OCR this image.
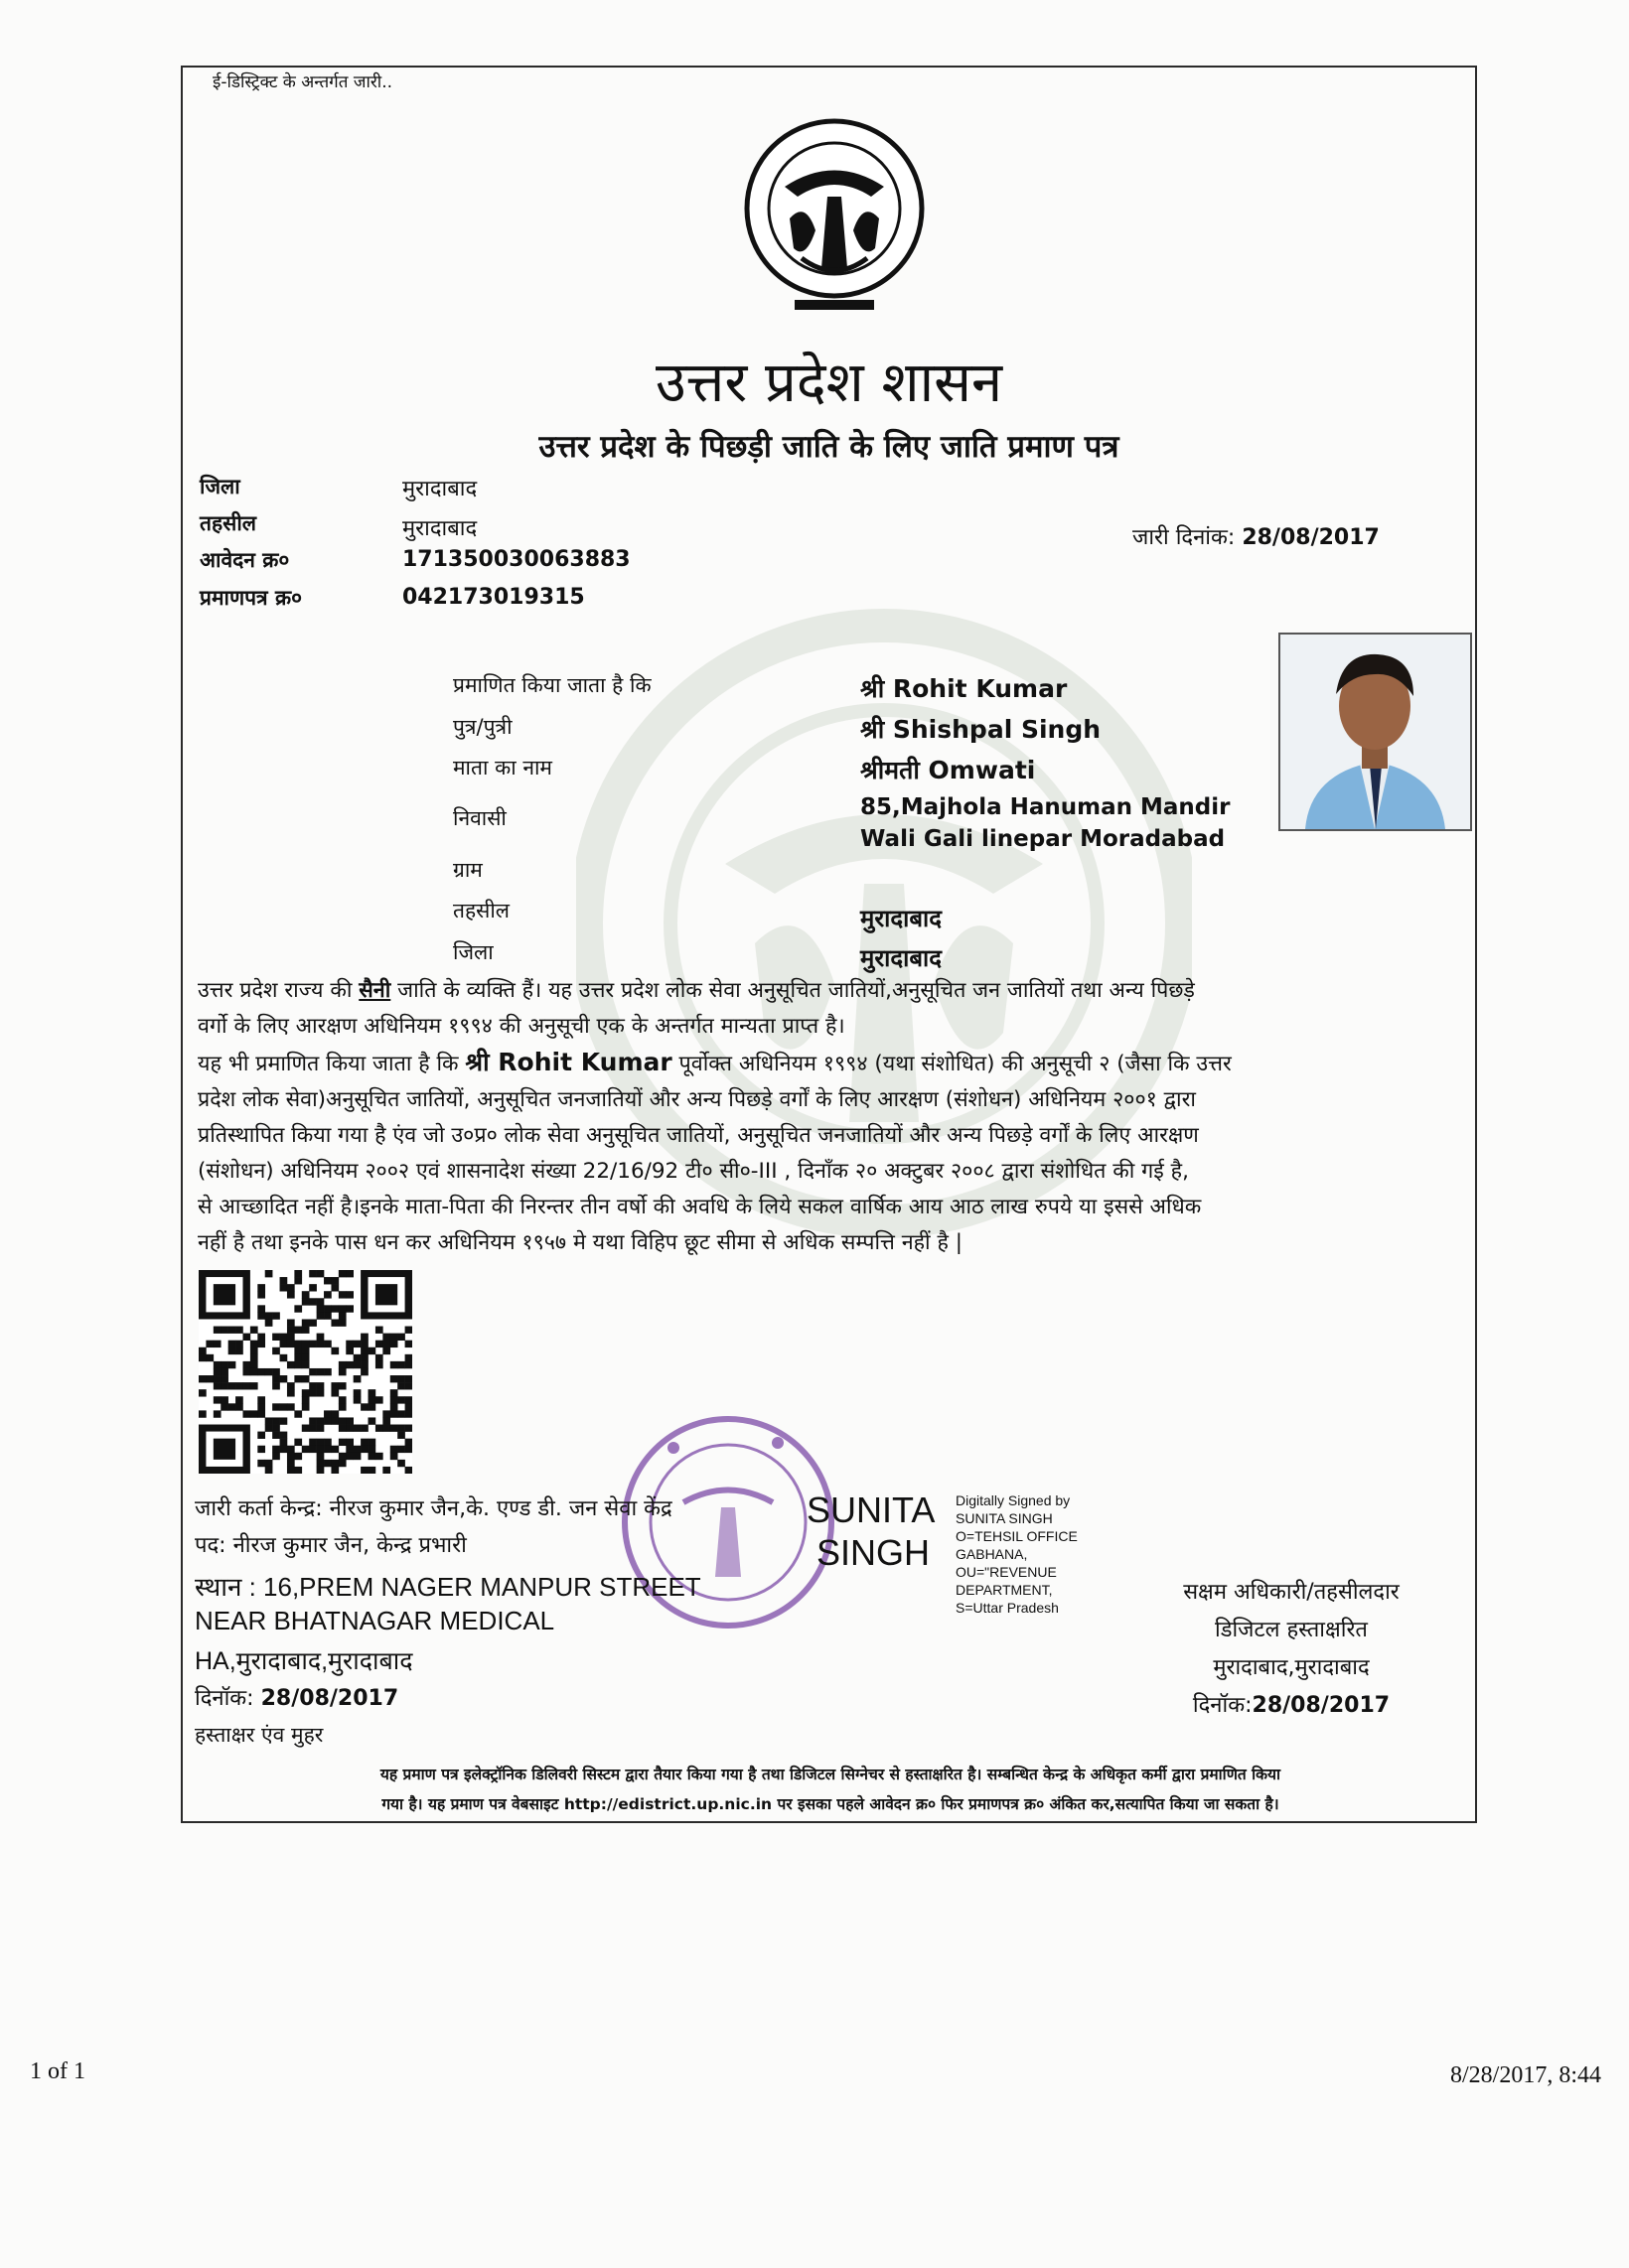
ई-डिस्ट्रिक्ट के अन्तर्गत जारी..
उत्तर प्रदेश शासन
उत्तर प्रदेश के पिछड़ी जाति के लिए जाति प्रमाण पत्र
जिला	मुरादाबाद
तहसील	मुरादाबाद
आवेदन क्र०	171350030063883
प्रमाणपत्र क्र०	042173019315
जारी दिनांक: 28/08/2017
प्रमाणित किया जाता है कि	श्री Rohit Kumar
पुत्र/पुत्री	श्री Shishpal Singh
माता का नाम	श्रीमती Omwati
निवासी	85,Majhola Hanuman Mandir
Wali Gali linepar Moradabad
ग्राम
तहसील	मुरादाबाद
जिला	मुरादाबाद
उत्तर प्रदेश राज्य की सैनी जाति के व्यक्ति हैं। यह उत्तर प्रदेश लोक सेवा अनुसूचित जातियों,अनुसूचित जन जातियों तथा अन्य पिछड़े
वर्गो के लिए आरक्षण अधिनियम १९९४ की अनुसूची एक के अन्तर्गत मान्यता प्राप्त है।
यह भी प्रमाणित किया जाता है कि श्री Rohit Kumar पूर्वोक्त अधिनियम १९९४ (यथा संशोधित) की अनुसूची २ (जैसा कि उत्तर
प्रदेश लोक सेवा)अनुसूचित जातियों, अनुसूचित जनजातियों और अन्य पिछड़े वर्गों के लिए आरक्षण (संशोधन) अधिनियम २००१ द्वारा
प्रतिस्थापित किया गया है एंव जो उ०प्र० लोक सेवा अनुसूचित जातियों, अनुसूचित जनजातियों और अन्य पिछड़े वर्गों के लिए आरक्षण
(संशोधन) अधिनियम २००२ एवं शासनादेश संख्या 22/16/92 टी० सी०-III , दिनाँक २० अक्टुबर २००८ द्वारा संशोधित की गई है,
से आच्छादित नहीं है।इनके माता-पिता की निरन्तर तीन वर्षो की अवधि के लिये सकल वार्षिक आय आठ लाख रुपये या इससे अधिक
नहीं है तथा इनके पास धन कर अधिनियम १९५७ मे यथा विहिप छूट सीमा से अधिक सम्पत्ति नहीं है |
जारी कर्ता केन्द्र: नीरज कुमार जैन,के. एण्ड डी. जन सेवा केंद्र
पद: नीरज कुमार जैन, केन्द्र प्रभारी
स्थान : 16,PREM NAGER MANPUR STREET
NEAR BHATNAGAR MEDICAL
HA,मुरादाबाद,मुरादाबाद
दिनॉक: 28/08/2017
हस्ताक्षर एंव मुहर
SUNITA
SINGH
Digitally Signed by
SUNITA SINGH
O=TEHSIL OFFICE
GABHANA,
OU="REVENUE
DEPARTMENT,
S=Uttar Pradesh
सक्षम अधिकारी/तहसीलदार
डिजिटल हस्ताक्षरित
मुरादाबाद,मुरादाबाद
दिनॉक:28/08/2017
यह प्रमाण पत्र इलेक्ट्रॉनिक डिलिवरी सिस्टम द्वारा तैयार किया गया है तथा डिजिटल सिग्नेचर से हस्ताक्षरित है। सम्बन्धित केन्द्र के अधिकृत कर्मी द्वारा प्रमाणित किया
गया है। यह प्रमाण पत्र वेबसाइट http://edistrict.up.nic.in पर इसका पहले आवेदन क्र० फिर प्रमाणपत्र क्र० अंकित कर,सत्यापित किया जा सकता है।
1 of 1	8/28/2017, 8:44
